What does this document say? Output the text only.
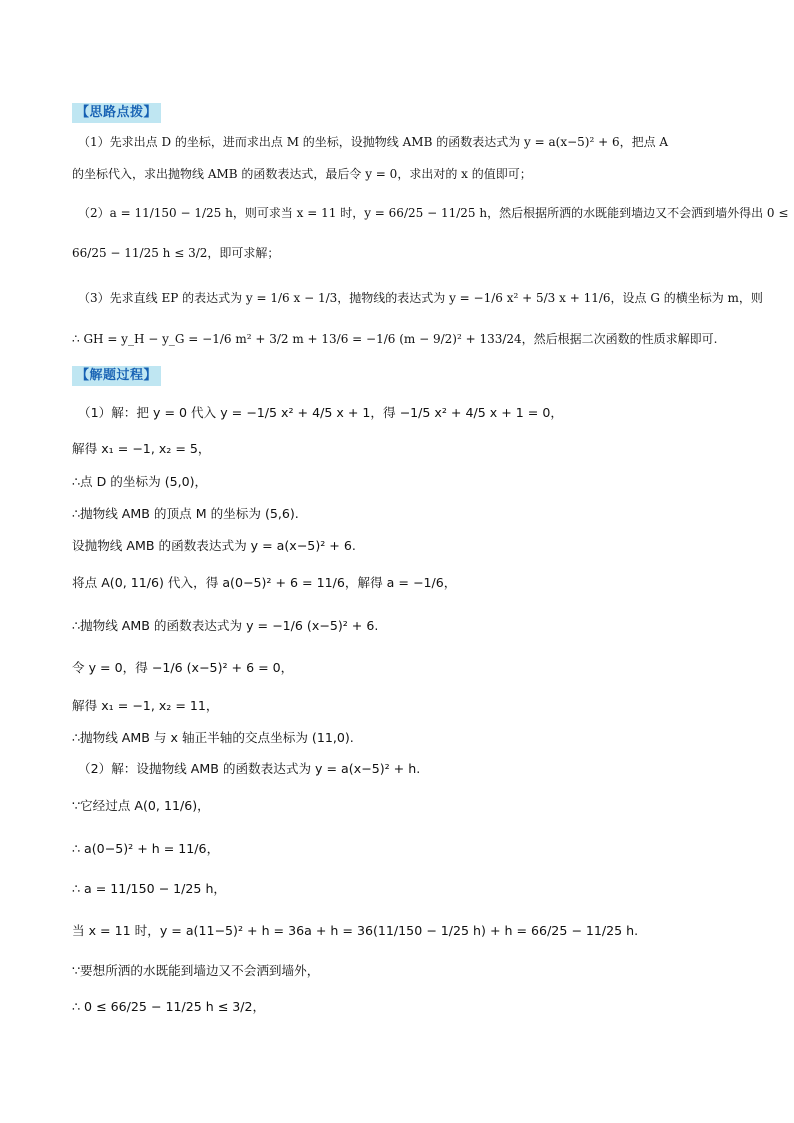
【思路点拨】
（1）先求出点 D 的坐标，进而求出点 M 的坐标，设抛物线 AMB 的函数表达式为 y = a(x−5)² + 6，把点 A
的坐标代入，求出抛物线 AMB 的函数表达式，最后令 y = 0，求出对的 x 的值即可；
（2）a = 11/150 − 1/25 h，则可求当 x = 11 时，y = 66/25 − 11/25 h，然后根据所洒的水既能到墙边又不会洒到墙外得出 0 ≤
66/25 − 11/25 h ≤ 3/2，即可求解；
（3）先求直线 EP 的表达式为 y = 1/6 x − 1/3，抛物线的表达式为 y = −1/6 x² + 5/3 x + 11/6，设点 G 的横坐标为 m，则
∴ GH = y_H − y_G = −1/6 m² + 3/2 m + 13/6 = −1/6 (m − 9/2)² + 133/24，然后根据二次函数的性质求解即可.
【解题过程】
（1）解：把 y = 0 代入 y = −1/5 x² + 4/5 x + 1，得 −1/5 x² + 4/5 x + 1 = 0，
解得 x₁ = −1, x₂ = 5，
∴点 D 的坐标为 (5,0)，
∴抛物线 AMB 的顶点 M 的坐标为 (5,6).
设抛物线 AMB 的函数表达式为 y = a(x−5)² + 6.
将点 A(0, 11/6) 代入，得 a(0−5)² + 6 = 11/6，解得 a = −1/6，
∴抛物线 AMB 的函数表达式为 y = −1/6 (x−5)² + 6.
令 y = 0，得 −1/6 (x−5)² + 6 = 0，
解得 x₁ = −1, x₂ = 11，
∴抛物线 AMB 与 x 轴正半轴的交点坐标为 (11,0).
（2）解：设抛物线 AMB 的函数表达式为 y = a(x−5)² + h.
∵它经过点 A(0, 11/6)，
∴ a(0−5)² + h = 11/6，
∴ a = 11/150 − 1/25 h，
当 x = 11 时，y = a(11−5)² + h = 36a + h = 36(11/150 − 1/25 h) + h = 66/25 − 11/25 h.
∵要想所洒的水既能到墙边又不会洒到墙外，
∴ 0 ≤ 66/25 − 11/25 h ≤ 3/2，
